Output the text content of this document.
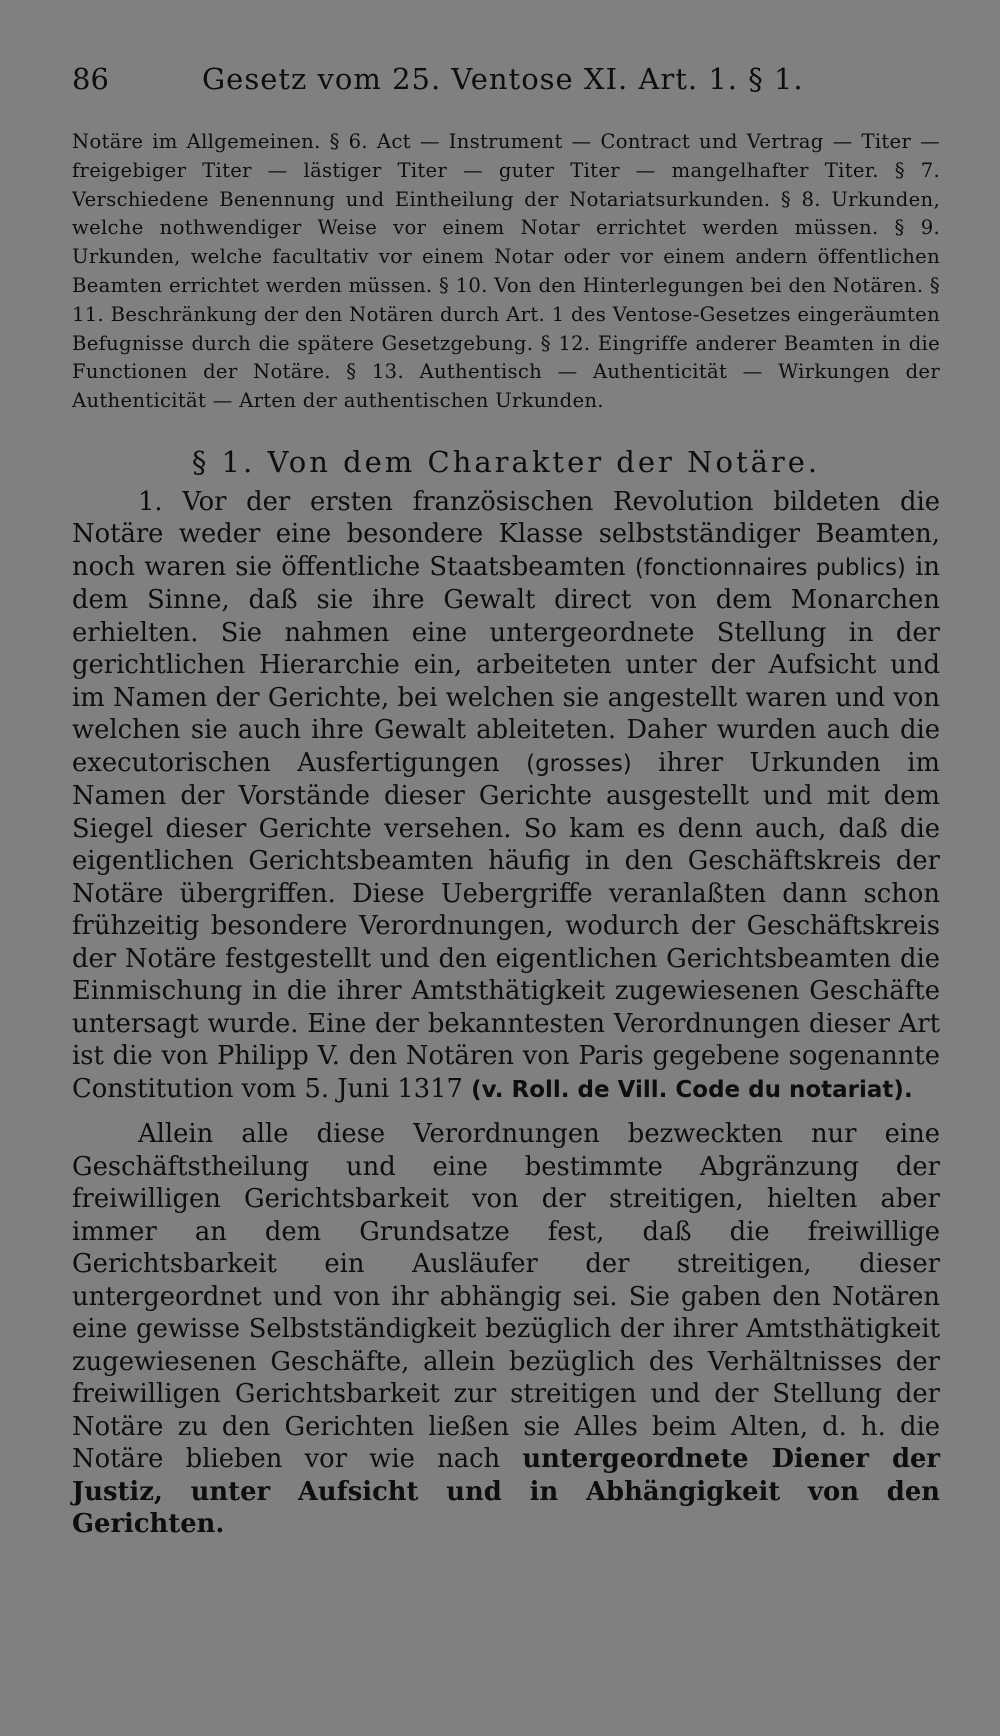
86	Gesetz vom 25. Ventose XI. Art. 1. § 1.
Notäre im Allgemeinen. § 6. Act — Instrument — Contract und Vertrag — Titer — freigebiger Titer — lästiger Titer — guter Titer — mangelhafter Titer. § 7. Verschiedene Benennung und Eintheilung der Notariatsurkunden. § 8. Urkunden, welche nothwendiger Weise vor einem Notar errichtet werden müssen. § 9. Urkunden, welche facultativ vor einem Notar oder vor einem andern öffentlichen Beamten errichtet werden müssen. § 10. Von den Hinterlegungen bei den Notären. § 11. Beschränkung der den Notären durch Art. 1 des Ventose-Gesetzes eingeräumten Befugnisse durch die spätere Gesetzgebung. § 12. Eingriffe anderer Beamten in die Functionen der Notäre. § 13. Authentisch — Authenticität — Wirkungen der Authenticität — Arten der authentischen Urkunden.
§ 1. Von dem Charakter der Notäre.

1. Vor der ersten französischen Revolution bildeten die Notäre weder eine besondere Klasse selbstständiger Beamten, noch waren sie öffentliche Staatsbeamten (fonctionnaires publics) in dem Sinne, daß sie ihre Gewalt direct von dem Monarchen erhielten. Sie nahmen eine untergeordnete Stellung in der gerichtlichen Hierarchie ein, arbeiteten unter der Aufsicht und im Namen der Gerichte, bei welchen sie angestellt waren und von welchen sie auch ihre Gewalt ableiteten. Daher wurden auch die executorischen Ausfertigungen (grosses) ihrer Urkunden im Namen der Vorstände dieser Gerichte ausgestellt und mit dem Siegel dieser Gerichte versehen. So kam es denn auch, daß die eigentlichen Gerichtsbeamten häufig in den Geschäftskreis der Notäre übergriffen. Diese Uebergriffe veranlaßten dann schon frühzeitig besondere Verordnungen, wodurch der Geschäftskreis der Notäre festgestellt und den eigentlichen Gerichtsbeamten die Einmischung in die ihrer Amtsthätigkeit zugewiesenen Geschäfte untersagt wurde. Eine der bekanntesten Verordnungen dieser Art ist die von Philipp V. den Notären von Paris gegebene sogenannte Constitution vom 5. Juni 1317 (v. Roll. de Vill. Code du notariat).

Allein alle diese Verordnungen bezweckten nur eine Geschäftstheilung und eine bestimmte Abgränzung der freiwilligen Gerichtsbarkeit von der streitigen, hielten aber immer an dem Grundsatze fest, daß die freiwillige Gerichtsbarkeit ein Ausläufer der streitigen, dieser untergeordnet und von ihr abhängig sei. Sie gaben den Notären eine gewisse Selbstständigkeit bezüglich der ihrer Amtsthätigkeit zugewiesenen Geschäfte, allein bezüglich des Verhältnisses der freiwilligen Gerichtsbarkeit zur streitigen und der Stellung der Notäre zu den Gerichten ließen sie Alles beim Alten, d. h. die Notäre blieben vor wie nach untergeordnete Diener der Justiz, unter Aufsicht und in Abhängigkeit von den Gerichten.
